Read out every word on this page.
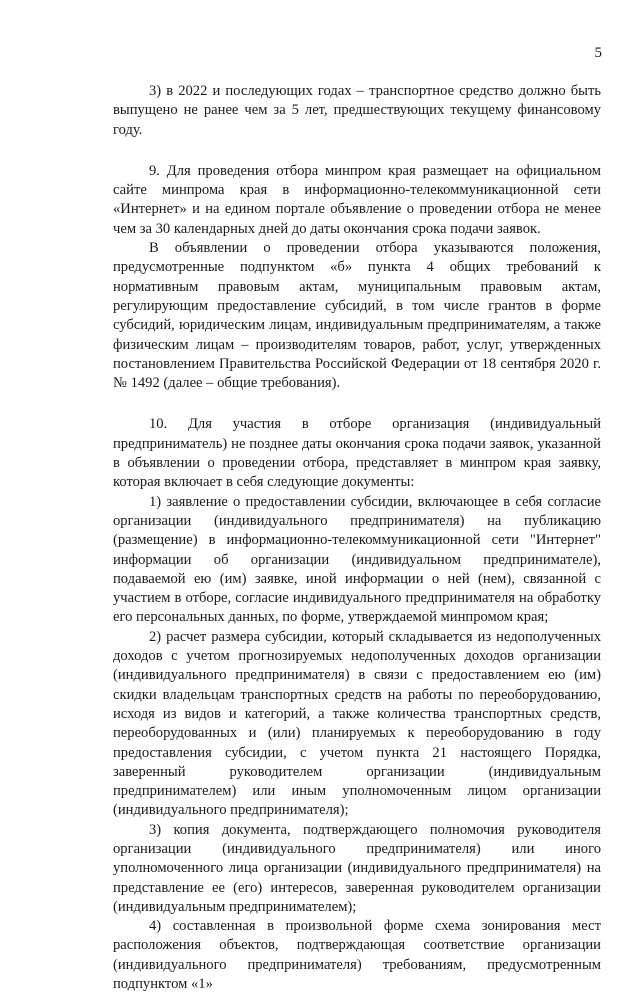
5

3) в 2022 и последующих годах – транспортное средство должно быть выпущено не ранее чем за 5 лет, предшествующих текущему финансовому году.

9. Для проведения отбора минпром края размещает на официальном сайте минпрома края в информационно-телекоммуникационной сети «Интернет» и на едином портале объявление о проведении отбора не менее чем за 30 календарных дней до даты окончания срока подачи заявок.

В объявлении о проведении отбора указываются положения, предусмотренные подпунктом «б» пункта 4 общих требований к нормативным правовым актам, муниципальным правовым актам, регулирующим предоставление субсидий, в том числе грантов в форме субсидий, юридическим лицам, индивидуальным предпринимателям, а также физическим лицам – производителям товаров, работ, услуг, утвержденных постановлением Правительства Российской Федерации от 18 сентября 2020 г. № 1492 (далее – общие требования).

10. Для участия в отборе организация (индивидуальный предприниматель) не позднее даты окончания срока подачи заявок, указанной в объявлении о проведении отбора, представляет в минпром края заявку, которая включает в себя следующие документы:

1) заявление о предоставлении субсидии, включающее в себя согласие организации (индивидуального предпринимателя) на публикацию (размещение) в информационно-телекоммуникационной сети "Интернет" информации об организации (индивидуальном предпринимателе), подаваемой ею (им) заявке, иной информации о ней (нем), связанной с участием в отборе, согласие индивидуального предпринимателя на обработку его персональных данных, по форме, утверждаемой минпромом края;

2) расчет размера субсидии, который складывается из недополученных доходов с учетом прогнозируемых недополученных доходов организации (индивидуального предпринимателя) в связи с предоставлением ею (им) скидки владельцам транспортных средств на работы по переоборудованию, исходя из видов и категорий, а также количества транспортных средств, переоборудованных и (или) планируемых к переоборудованию в году предоставления субсидии, с учетом пункта 21 настоящего Порядка, заверенный руководителем организации (индивидуальным предпринимателем) или иным уполномоченным лицом организации (индивидуального предпринимателя);

3) копия документа, подтверждающего полномочия руководителя организации (индивидуального предпринимателя) или иного уполномоченного лица организации (индивидуального предпринимателя) на представление ее (его) интересов, заверенная руководителем организации (индивидуальным предпринимателем);

4) составленная в произвольной форме схема зонирования мест расположения объектов, подтверждающая соответствие организации (индивидуального предпринимателя) требованиям, предусмотренным подпунктом «1»
